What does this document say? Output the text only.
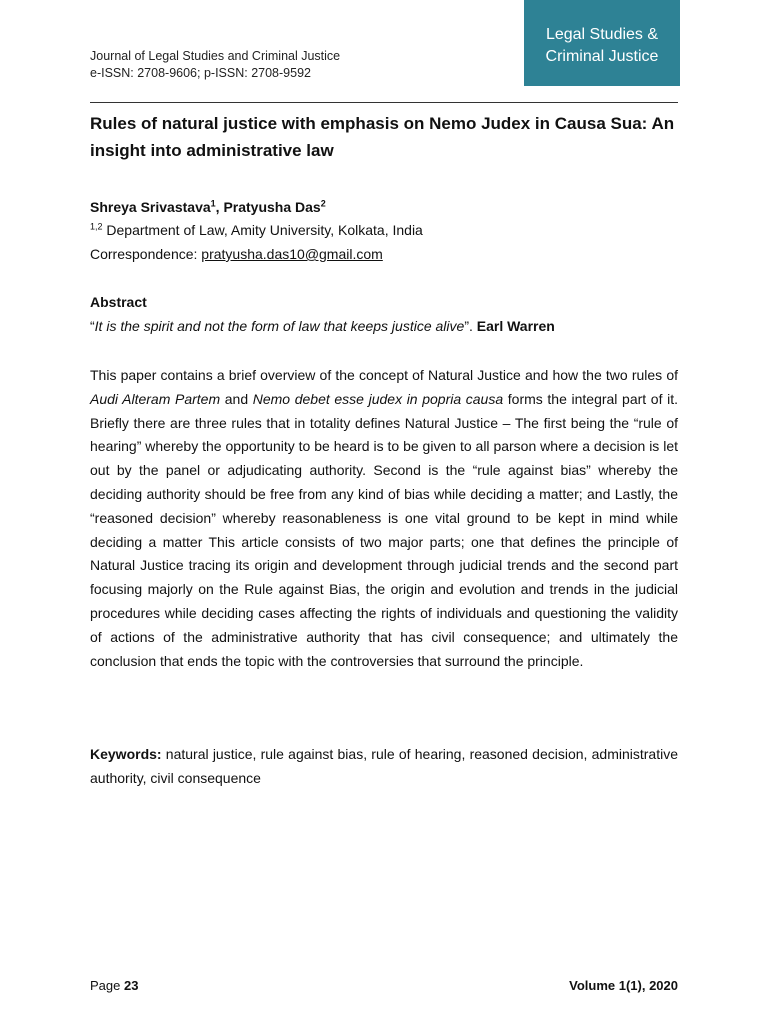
Journal of Legal Studies and Criminal Justice
e-ISSN: 2708-9606; p-ISSN: 2708-9592
Legal Studies &
Criminal Justice
Rules of natural justice with emphasis on Nemo Judex in Causa Sua: An insight into administrative law
Shreya Srivastava$^1$, Pratyusha Das$^2$
$^{1,2}$ Department of Law, Amity University, Kolkata, India
Correspondence: pratyusha.das10@gmail.com
Abstract
“It is the spirit and not the form of law that keeps justice alive”. Earl Warren

This paper contains a brief overview of the concept of Natural Justice and how the two rules of Audi Alteram Partem and Nemo debet esse judex in popria causa forms the integral part of it. Briefly there are three rules that in totality defines Natural Justice – The first being the “rule of hearing” whereby the opportunity to be heard is to be given to all parson where a decision is let out by the panel or adjudicating authority. Second is the “rule against bias” whereby the deciding authority should be free from any kind of bias while deciding a matter; and Lastly, the “reasoned decision” whereby reasonableness is one vital ground to be kept in mind while deciding a matter This article consists of two major parts; one that defines the principle of Natural Justice tracing its origin and development through judicial trends and the second part focusing majorly on the Rule against Bias, the origin and evolution and trends in the judicial procedures while deciding cases affecting the rights of individuals and questioning the validity of actions of the administrative authority that has civil consequence; and ultimately the conclusion that ends the topic with the controversies that surround the principle.

Keywords: natural justice, rule against bias, rule of hearing, reasoned decision, administrative authority, civil consequence

Page 23	Volume 1(1), 2020
